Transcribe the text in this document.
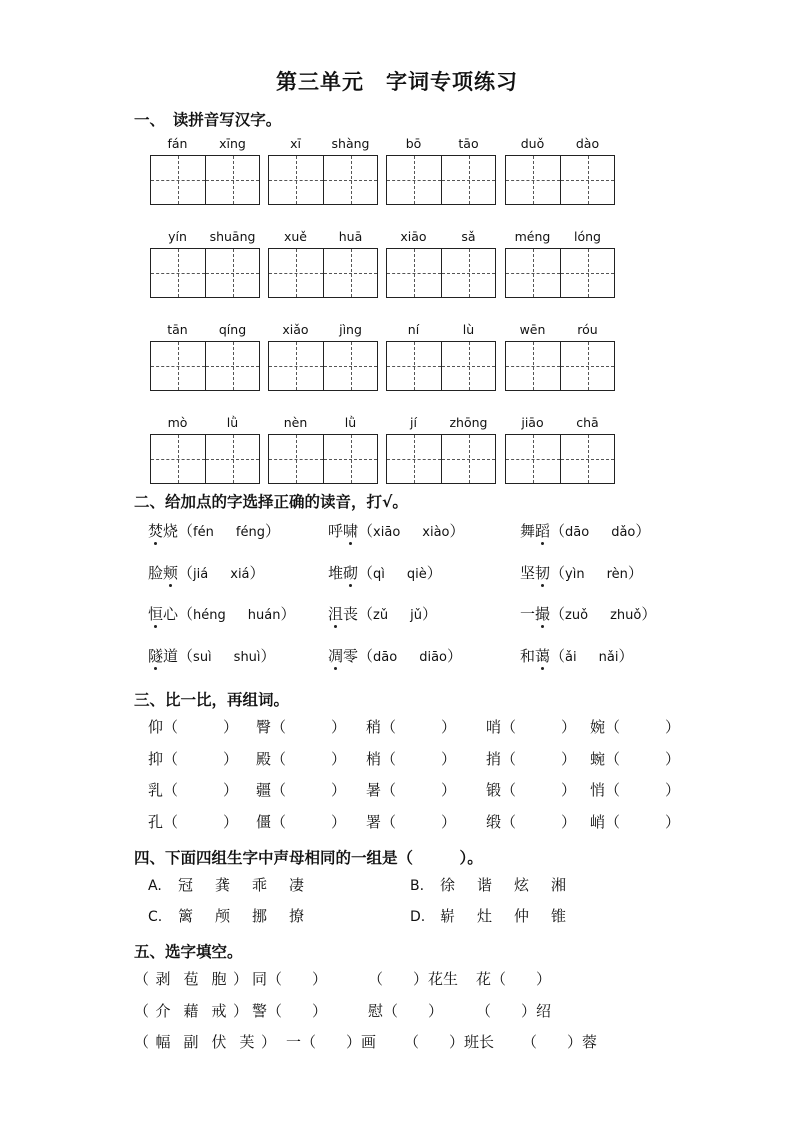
第三单元　字词专项练习
一、　读拼音写汉字。
fán	xīng	xī	shàng	bō	tāo	duǒ	dào
yín	shuāng	xuě	huā	xiāo	sǎ	méng	lóng
tān	qíng	xiǎo	jìng	ní	lù	wēn	róu
mò	lǜ	nèn	lǜ	jí	zhōng	jiāo	chā
二、给加点的字选择正确的读音，打√。
焚烧（fén féng）	呼啸（xiāo xiào）	舞蹈（dāo dǎo）
脸颊（jiá xiá）	堆砌（qì qiè）	坚韧（yìn rèn）
恒心（héng huán） 沮丧（zǔ jǔ）	一撮（zuǒ zhuǒ）
隧道（suì shuì）	凋零（dāo diāo）	和蔼（ǎi nǎi）
三、比一比，再组词。
仰（　　　） 臀（　　　） 稍（　　　） 哨（　　　） 婉（　　　）
抑（　　　） 殿（　　　） 梢（　　　） 捎（　　　） 蜿（　　　）
乳（　　　） 疆（　　　） 暑（　　　） 锻（　　　） 悄（　　　）
孔（　　　） 僵（　　　） 署（　　　） 缎（　　　） 峭（　　　）
四、下面四组生字中声母相同的一组是（　　　）。
A. 冠 龚 乖 凄	B. 徐 谐 炫 湘
C. 篱 颅 挪 撩	D. 崭 灶 仲 锥
五、选字填空。
（ 剥 苞 胞 ） 同（　　）	（　　）花生 花（　　）
（ 介 藉 戒 ） 警（　　）	慰（　　） （　　）绍
（ 幅 副 伏 芙 ） 一（　　）画 （　　）班长 （　　）蓉
